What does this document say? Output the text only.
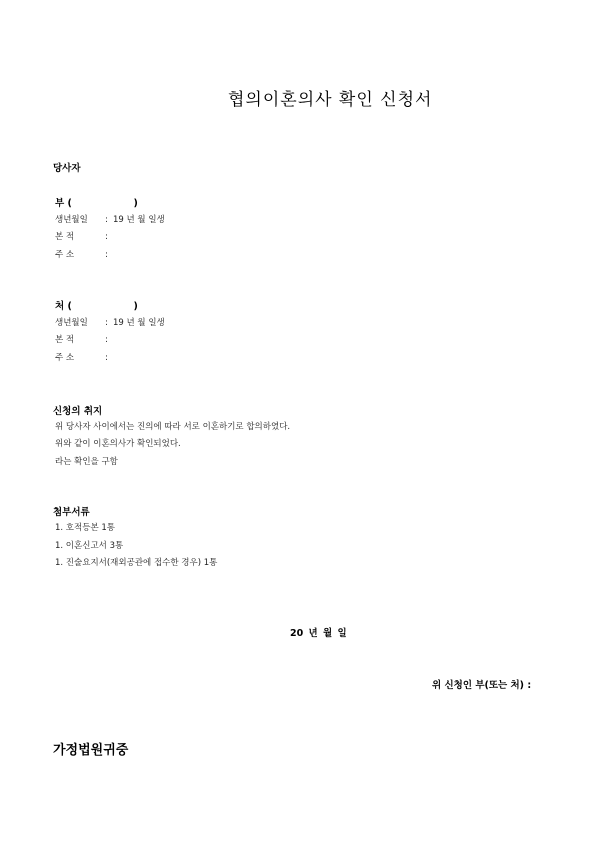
협의이혼의사 확인 신청서
당사자
부 (	)
생년월일 : 19 년 월 일생
본 적	:
주 소	:
처 (	)
생년월일 : 19 년 월 일생
본 적	:
주 소	:
신청의 취지
위 당사자 사이에서는 진의에 따라 서로 이혼하기로 합의하였다.
위와 같이 이혼의사가 확인되었다.
라는 확인을 구함
첨부서류
1. 호적등본 1통
1. 이혼신고서 3통
1. 진술요지서(재외공관에 접수한 경우) 1통
20 년 월 일
위 신청인 부(또는 처) :
가정법원귀중
